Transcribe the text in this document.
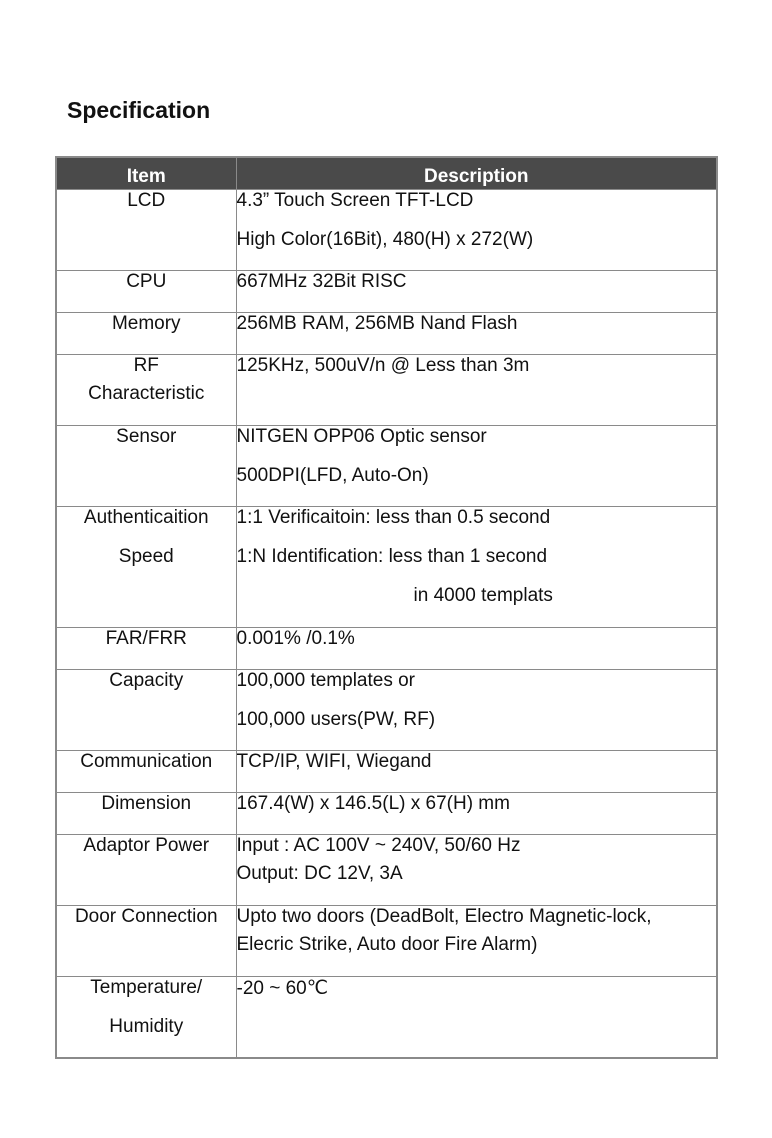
Specification
Item	Description

LCD	4.3” Touch Screen TFT-LCD
High Color(16Bit), 480(H) x 272(W)

CPU	667MHz 32Bit RISC

Memory	256MB RAM, 256MB Nand Flash

RF
Characteristic	125KHz, 500uV/n @ Less than 3m

Sensor	NITGEN OPP06 Optic sensor
500DPI(LFD, Auto-On)

Authenticaition
Speed	1:1 Verificaitoin: less than 0.5 second
1:N Identification: less than 1 second
in 4000 templats

FAR/FRR	0.001% /0.1%

Capacity	100,000 templates or
100,000 users(PW, RF)

Communication	TCP/IP, WIFI, Wiegand

Dimension	167.4(W) x 146.5(L) x 67(H) mm

Adaptor Power	Input : AC 100V ~ 240V, 50/60 Hz
Output: DC 12V, 3A

Door Connection	Upto two doors (DeadBolt, Electro Magnetic-lock,
Elecric Strike, Auto door Fire Alarm)

Temperature/
Humidity	-20 ~ 60℃
